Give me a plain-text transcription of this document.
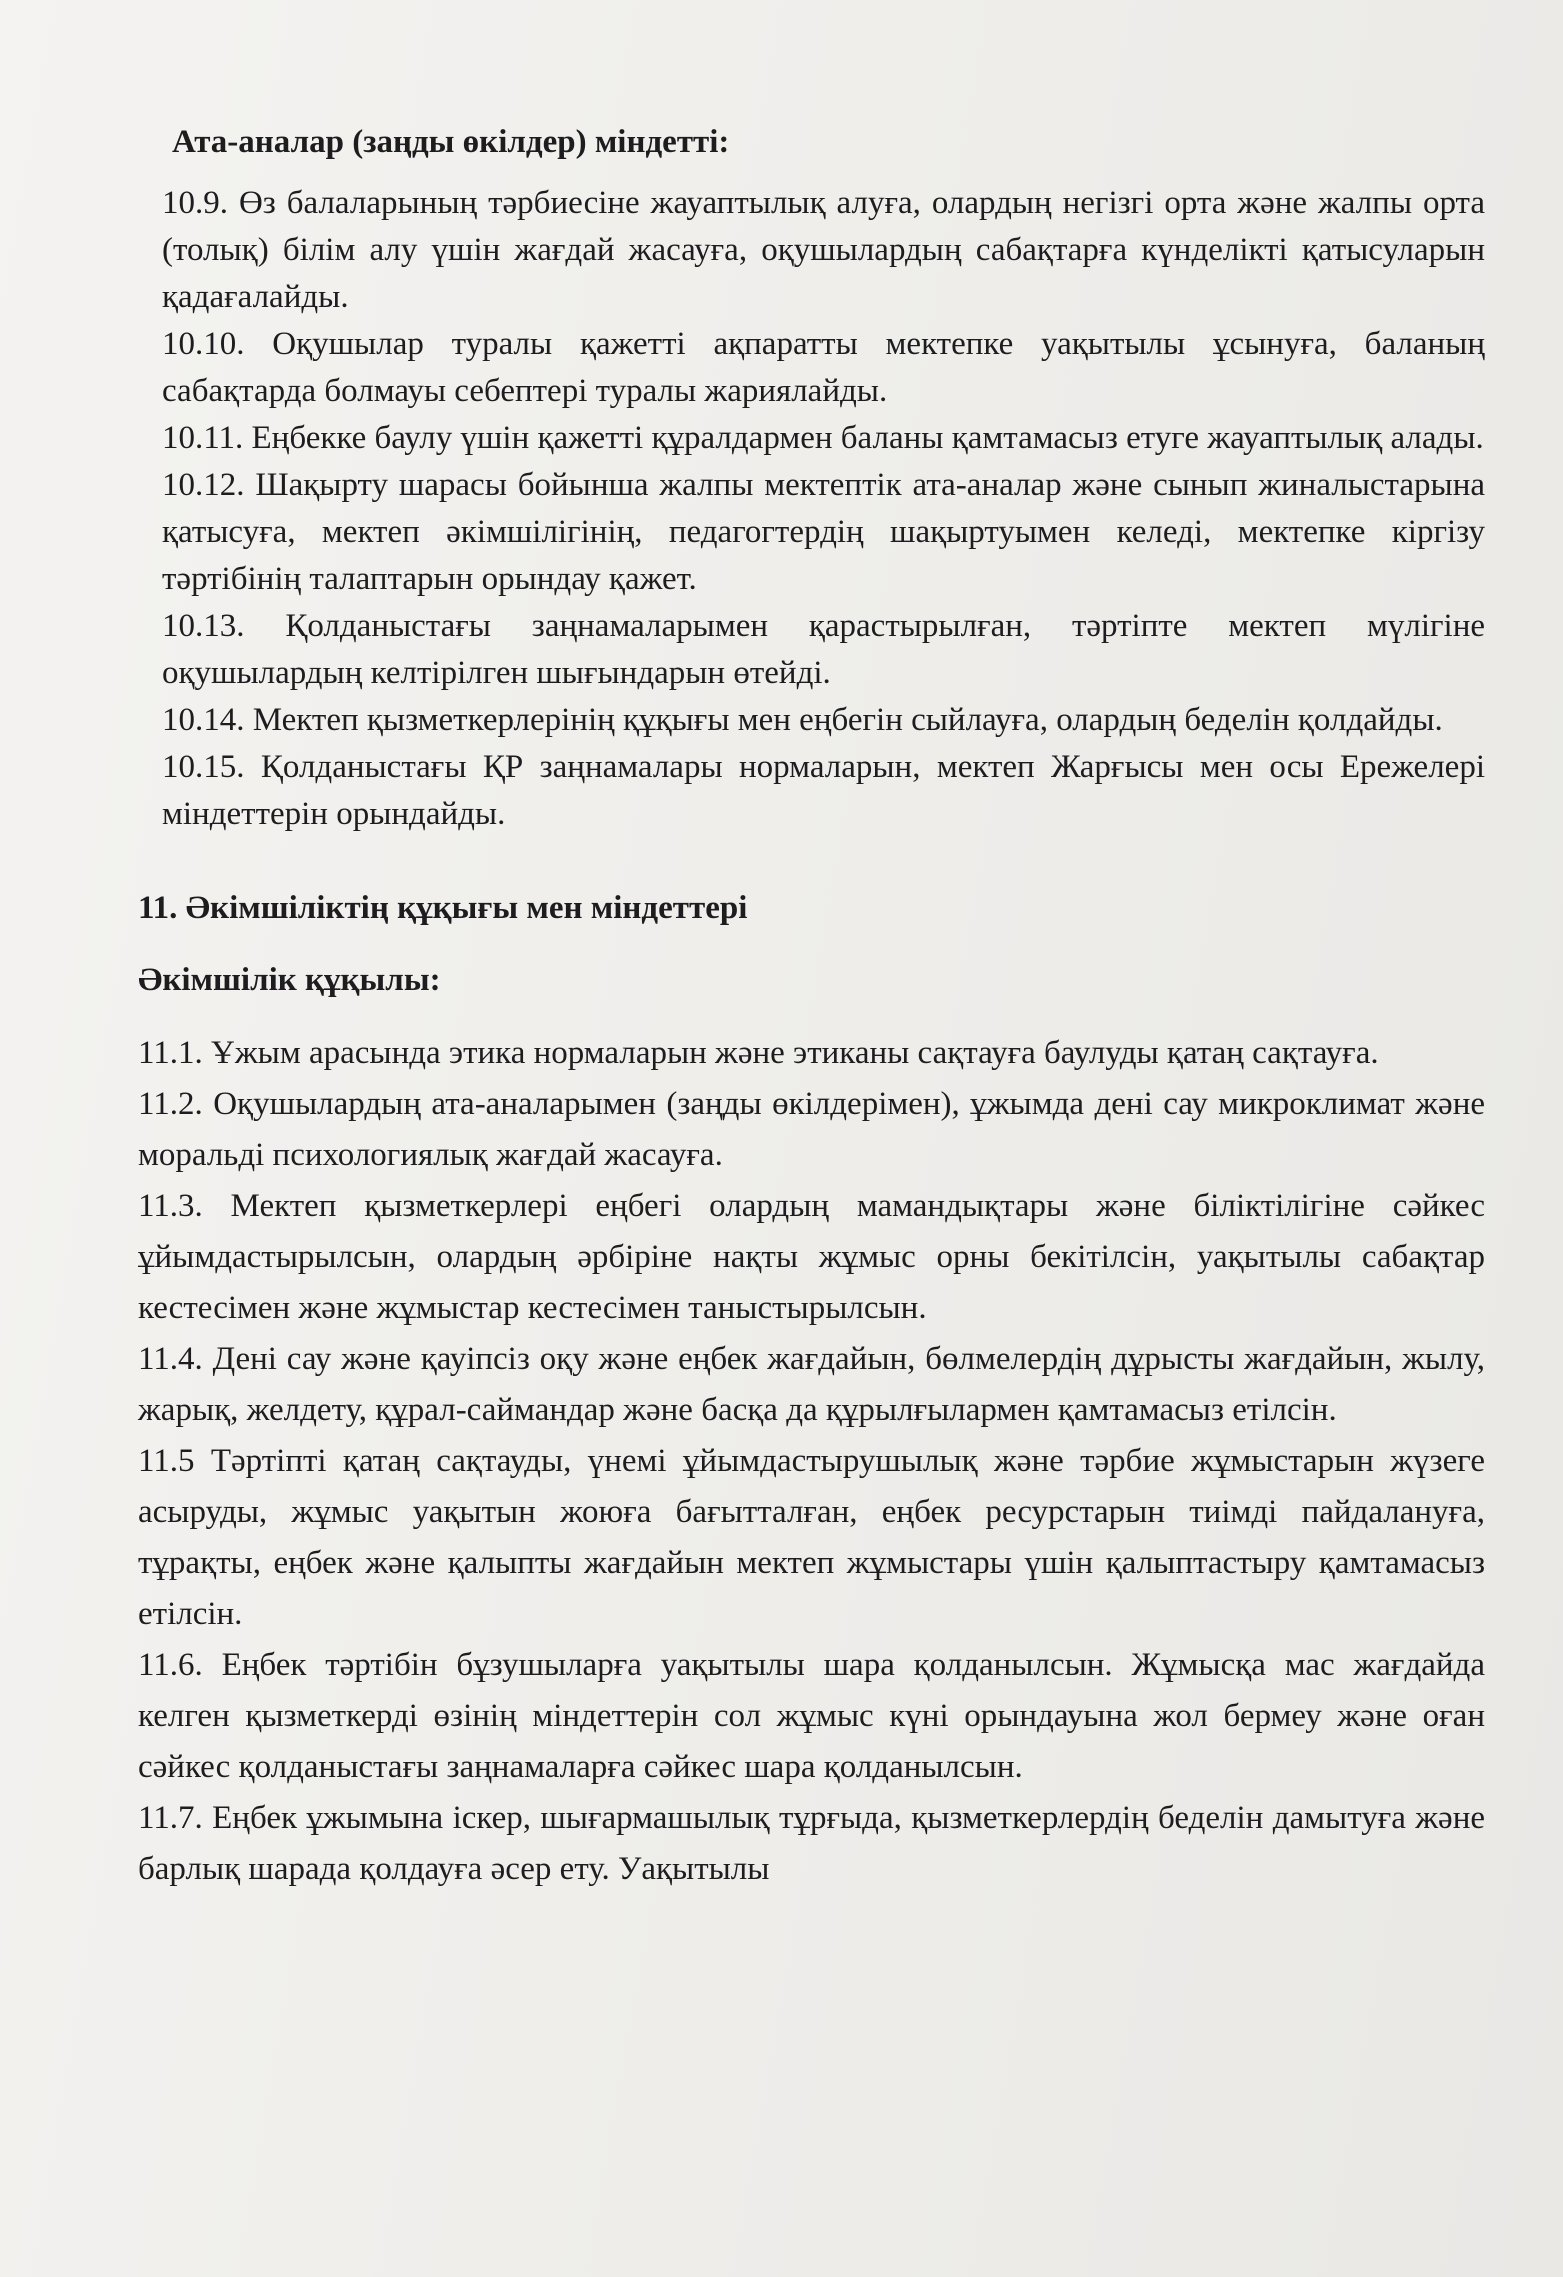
Ата-аналар (заңды өкілдер) міндетті:

10.9. Өз балаларының тәрбиесіне жауаптылық алуға, олардың негізгі орта және жалпы орта (толық) білім алу үшін жағдай жасауға, оқушылардың сабақтарға күнделікті қатысуларын қадағалайды.

10.10. Оқушылар туралы қажетті ақпаратты мектепке уақытылы ұсынуға, баланың сабақтарда болмауы себептері туралы жариялайды.

10.11. Еңбекке баулу үшін қажетті құралдармен баланы қамтамасыз етуге жауаптылық алады.

10.12. Шақырту шарасы бойынша жалпы мектептік ата-аналар және сынып жиналыстарына қатысуға, мектеп әкімшілігінің, педагогтердің шақыртуымен келеді, мектепке кіргізу тәртібінің талаптарын орындау қажет.

10.13. Қолданыстағы заңнамаларымен қарастырылған, тәртіпте мектеп мүлігіне оқушылардың келтірілген шығындарын өтейді.

10.14. Мектеп қызметкерлерінің құқығы мен еңбегін сыйлауға, олардың беделін қолдайды.

10.15. Қолданыстағы ҚР заңнамалары нормаларын, мектеп Жарғысы мен осы Ережелері міндеттерін орындайды.

11. Әкімшіліктің құқығы мен міндеттері
Әкімшілік құқылы:

11.1. Ұжым арасында этика нормаларын және этиканы сақтауға баулуды қатаң сақтауға.

11.2. Оқушылардың ата-аналарымен (заңды өкілдерімен), ұжымда дені сау микроклимат және моральді психологиялық жағдай жасауға.

11.3. Мектеп қызметкерлері еңбегі олардың мамандықтары және біліктілігіне сәйкес ұйымдастырылсын, олардың әрбіріне нақты жұмыс орны бекітілсін, уақытылы сабақтар кестесімен және жұмыстар кестесімен таныстырылсын.

11.4. Дені сау және қауіпсіз оқу және еңбек жағдайын, бөлмелердің дұрысты жағдайын, жылу, жарық, желдету, құрал-саймандар және басқа да құрылғылармен қамтамасыз етілсін.

11.5 Тәртіпті қатаң сақтауды, үнемі ұйымдастырушылық және тәрбие жұмыстарын жүзеге асыруды, жұмыс уақытын жоюға бағытталған, еңбек ресурстарын тиімді пайдалануға, тұрақты, еңбек және қалыпты жағдайын мектеп жұмыстары үшін қалыптастыру қамтамасыз етілсін.

11.6. Еңбек тәртібін бұзушыларға уақытылы шара қолданылсын. Жұмысқа мас жағдайда келген қызметкерді өзінің міндеттерін сол жұмыс күні орындауына жол бермеу және оған сәйкес қолданыстағы заңнамаларға сәйкес шара қолданылсын.

11.7. Еңбек ұжымына іскер, шығармашылық тұрғыда, қызметкерлердің беделін дамытуға және барлық шарада қолдауға әсер ету. Уақытылы
